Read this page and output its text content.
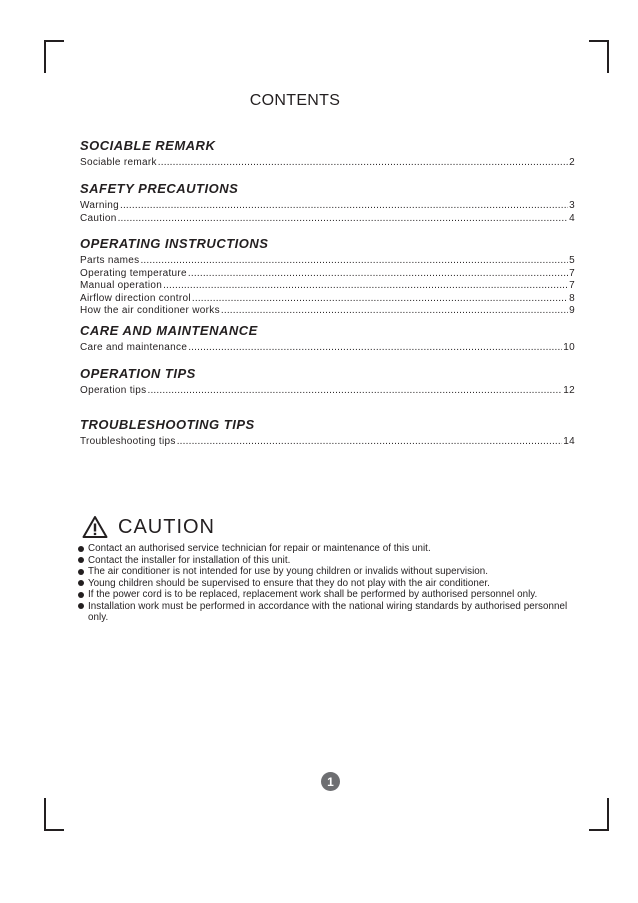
CONTENTS
SOCIABLE REMARK
Sociable remark .....	2
SAFETY PRECAUTIONS
Warning .....	3
Caution .....	4
OPERATING INSTRUCTIONS
Parts names .....	5
Operating temperature .....	7
Manual operation .....	7
Airflow direction control .....	8
How the air conditioner works .....	9
CARE AND MAINTENANCE
Care and maintenance .....	10
OPERATION TIPS
Operation tips .....	12
TROUBLESHOOTING TIPS
Troubleshooting tips .....	14
CAUTION
Contact an authorised service technician for repair or maintenance of this unit.
Contact the installer for installation of this unit.
The air conditioner is not intended for use by young children or invalids without supervision.
Young children should be supervised to ensure that they do not play with the air conditioner.
If the power cord is to be replaced, replacement work shall be performed by authorised personnel only.
Installation work must be performed in accordance with the national wiring standards by authorised personnel only.
1
